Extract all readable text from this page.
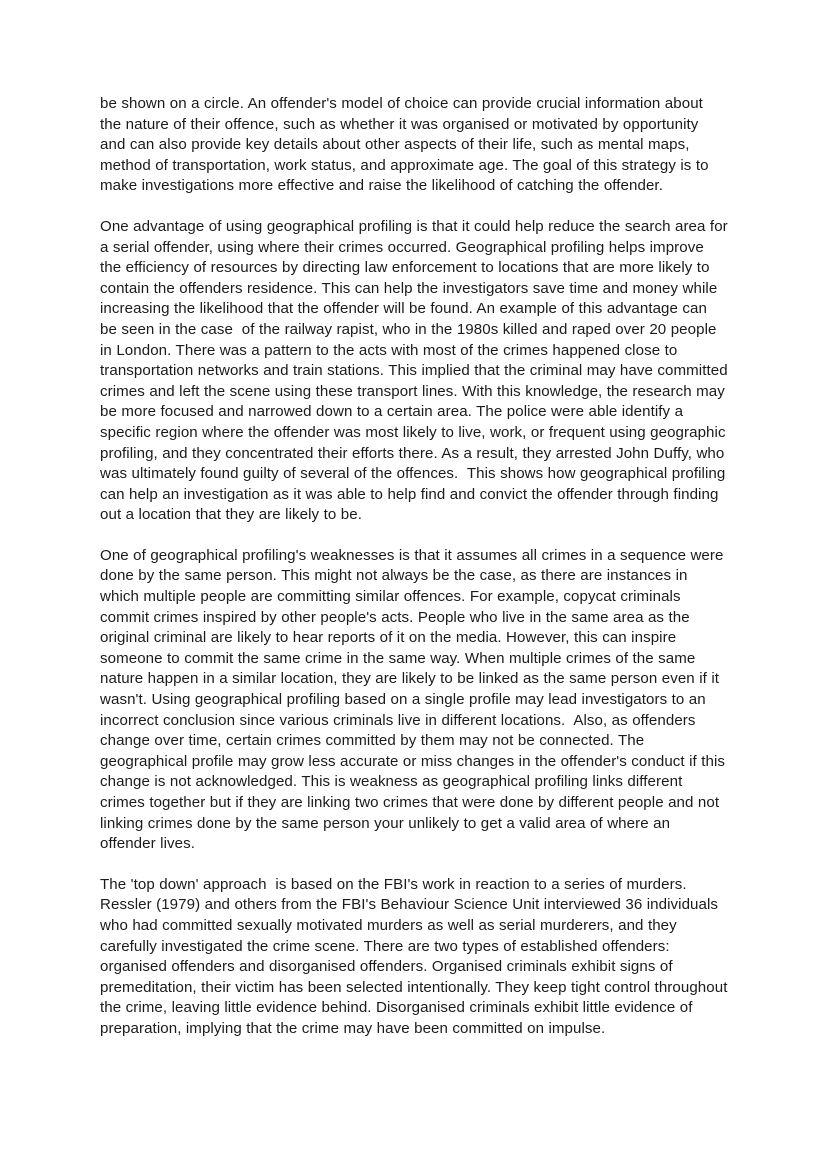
be shown on a circle. An offender's model of choice can provide crucial information about the nature of their offence, such as whether it was organised or motivated by opportunity and can also provide key details about other aspects of their life, such as mental maps, method of transportation, work status, and approximate age. The goal of this strategy is to make investigations more effective and raise the likelihood of catching the offender.

One advantage of using geographical profiling is that it could help reduce the search area for a serial offender, using where their crimes occurred. Geographical profiling helps improve the efficiency of resources by directing law enforcement to locations that are more likely to contain the offenders residence. This can help the investigators save time and money while increasing the likelihood that the offender will be found. An example of this advantage can be seen in the case  of the railway rapist, who in the 1980s killed and raped over 20 people in London. There was a pattern to the acts with most of the crimes happened close to transportation networks and train stations. This implied that the criminal may have committed crimes and left the scene using these transport lines. With this knowledge, the research may be more focused and narrowed down to a certain area. The police were able identify a specific region where the offender was most likely to live, work, or frequent using geographic profiling, and they concentrated their efforts there. As a result, they arrested John Duffy, who was ultimately found guilty of several of the offences.  This shows how geographical profiling can help an investigation as it was able to help find and convict the offender through finding out a location that they are likely to be.

One of geographical profiling's weaknesses is that it assumes all crimes in a sequence were done by the same person. This might not always be the case, as there are instances in which multiple people are committing similar offences. For example, copycat criminals commit crimes inspired by other people's acts. People who live in the same area as the original criminal are likely to hear reports of it on the media. However, this can inspire someone to commit the same crime in the same way. When multiple crimes of the same nature happen in a similar location, they are likely to be linked as the same person even if it wasn't. Using geographical profiling based on a single profile may lead investigators to an incorrect conclusion since various criminals live in different locations.  Also, as offenders change over time, certain crimes committed by them may not be connected. The geographical profile may grow less accurate or miss changes in the offender's conduct if this change is not acknowledged. This is weakness as geographical profiling links different crimes together but if they are linking two crimes that were done by different people and not linking crimes done by the same person your unlikely to get a valid area of where an offender lives.

The 'top down' approach  is based on the FBI's work in reaction to a series of murders. Ressler (1979) and others from the FBI's Behaviour Science Unit interviewed 36 individuals who had committed sexually motivated murders as well as serial murderers, and they carefully investigated the crime scene. There are two types of established offenders: organised offenders and disorganised offenders. Organised criminals exhibit signs of premeditation, their victim has been selected intentionally. They keep tight control throughout the crime, leaving little evidence behind. Disorganised criminals exhibit little evidence of preparation, implying that the crime may have been committed on impulse.
